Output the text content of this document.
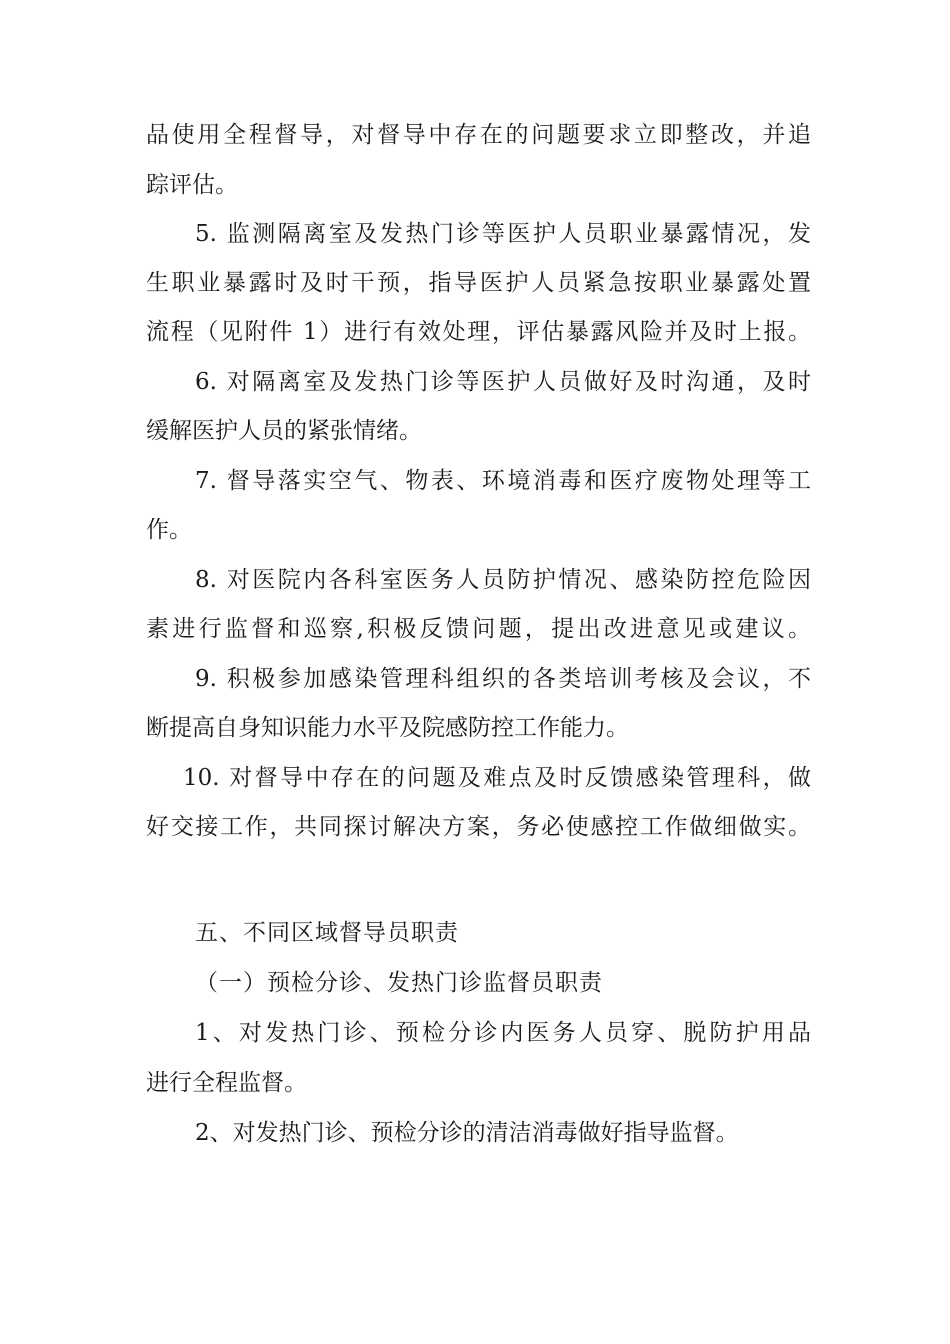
品使用全程督导，对督导中存在的问题要求立即整改，并追
踪评估。
5. 监测隔离室及发热门诊等医护人员职业暴露情况，发
生职业暴露时及时干预，指导医护人员紧急按职业暴露处置
流程（见附件 1）进行有效处理，评估暴露风险并及时上报。
6. 对隔离室及发热门诊等医护人员做好及时沟通，及时
缓解医护人员的紧张情绪。
7. 督导落实空气、物表、环境消毒和医疗废物处理等工
作。
8. 对医院内各科室医务人员防护情况、感染防控危险因
素进行监督和巡察,积极反馈问题，提出改进意见或建议。
9. 积极参加感染管理科组织的各类培训考核及会议，不
断提高自身知识能力水平及院感防控工作能力。
10. 对督导中存在的问题及难点及时反馈感染管理科，做
好交接工作，共同探讨解决方案，务必使感控工作做细做实。
五、不同区域督导员职责
（一）预检分诊、发热门诊监督员职责
1、对发热门诊、预检分诊内医务人员穿、脱防护用品
进行全程监督。
2、对发热门诊、预检分诊的清洁消毒做好指导监督。
